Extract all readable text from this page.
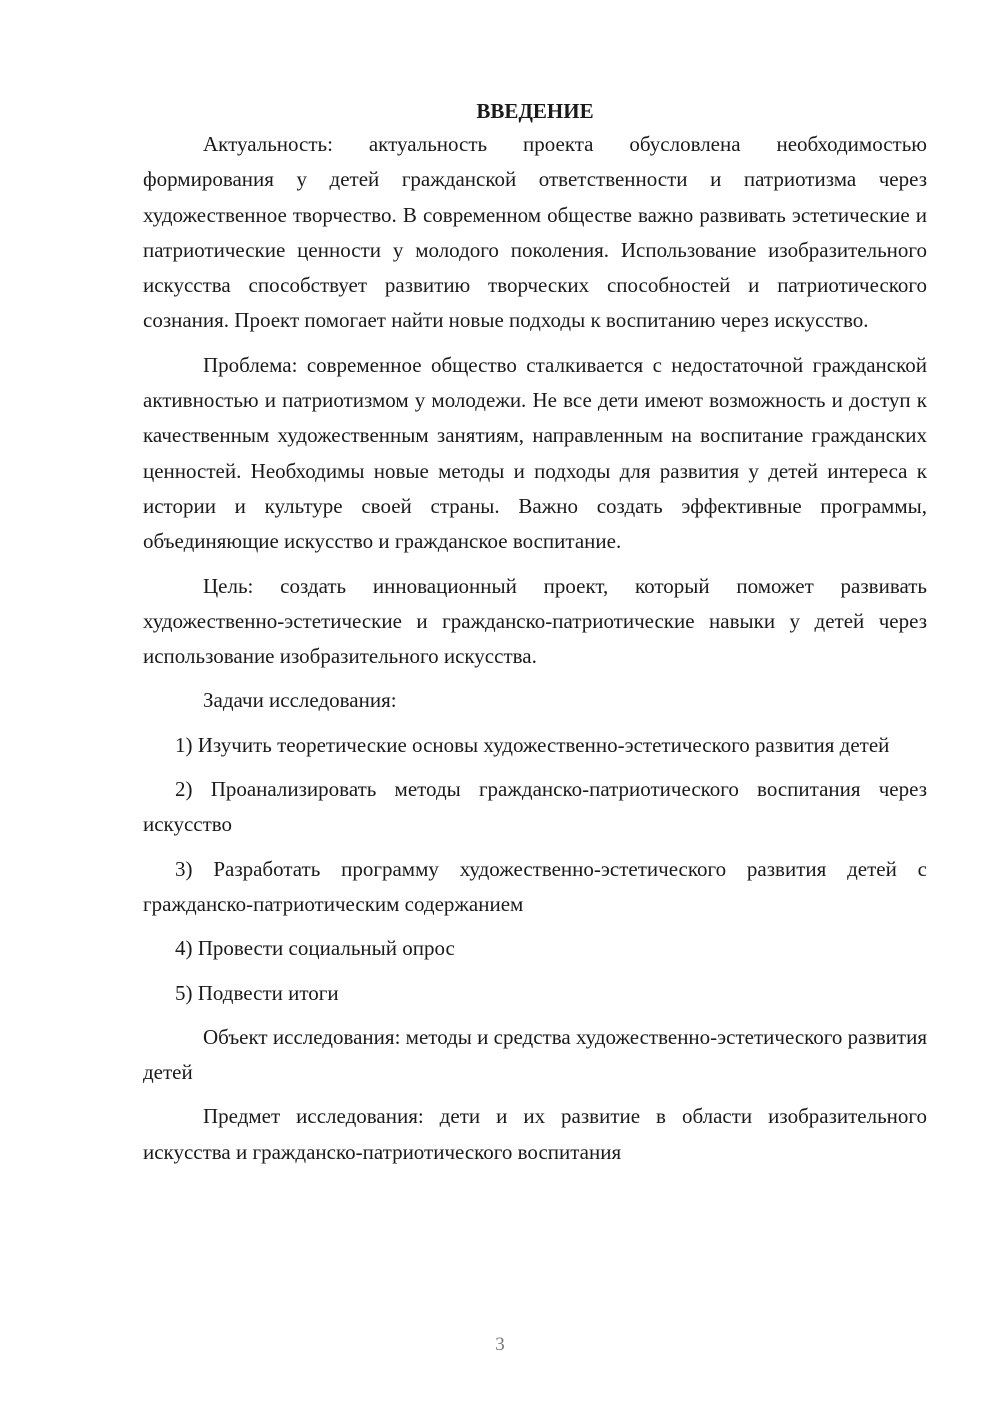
ВВЕДЕНИЕ

Актуальность: актуальность проекта обусловлена необходимостью формирования у детей гражданской ответственности и патриотизма через художественное творчество. В современном обществе важно развивать эстетические и патриотические ценности у молодого поколения. Использование изобразительного искусства способствует развитию творческих способностей и патриотического сознания. Проект помогает найти новые подходы к воспитанию через искусство.

Проблема: современное общество сталкивается с недостаточной гражданской активностью и патриотизмом у молодежи. Не все дети имеют возможность и доступ к качественным художественным занятиям, направленным на воспитание гражданских ценностей. Необходимы новые методы и подходы для развития у детей интереса к истории и культуре своей страны. Важно создать эффективные программы, объединяющие искусство и гражданское воспитание.

Цель: создать инновационный проект, который поможет развивать художественно-эстетические и гражданско-патриотические навыки у детей через использование изобразительного искусства.

Задачи исследования:

1) Изучить теоретические основы художественно-эстетического развития детей

2) Проанализировать методы гражданско-патриотического воспитания через искусство

3) Разработать программу художественно-эстетического развития детей с гражданско-патриотическим содержанием

4) Провести социальный опрос

5) Подвести итоги

Объект исследования: методы и средства художественно-эстетического развития детей

Предмет исследования: дети и их развитие в области изобразительного искусства и гражданско-патриотического воспитания

3
